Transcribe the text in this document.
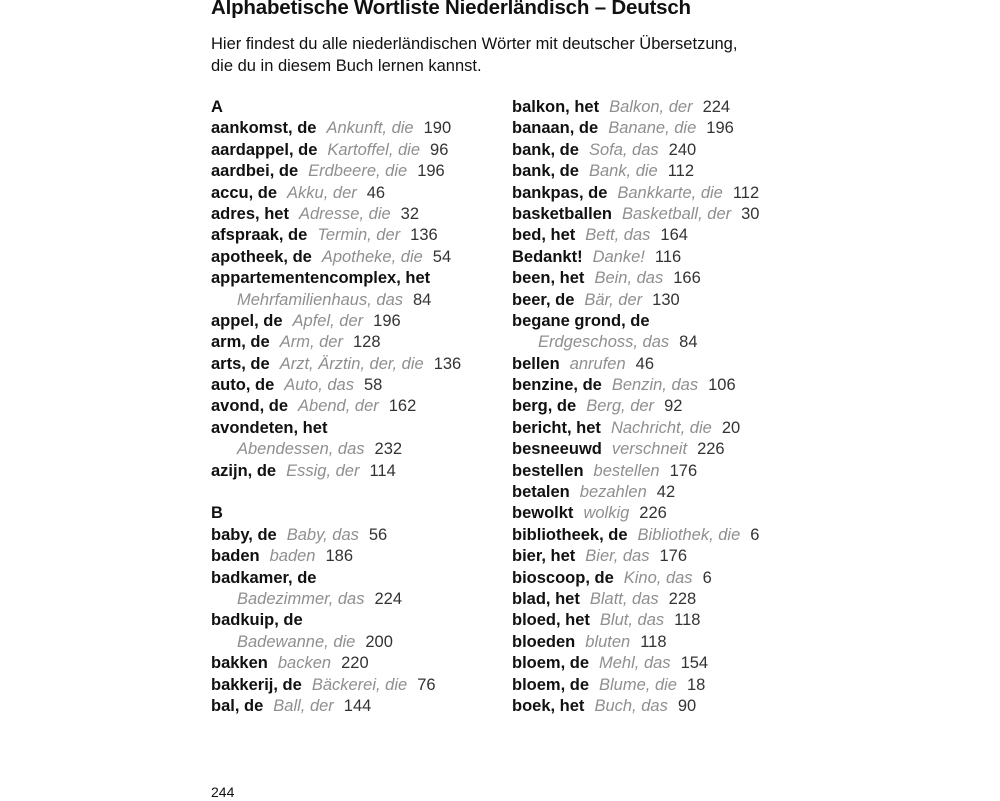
Alphabetische Wortliste Niederländisch – Deutsch
Hier findest du alle niederländischen Wörter mit deutscher Übersetzung,
die du in diesem Buch lernen kannst.
A
aankomst, de Ankunft, die 190
aardappel, de Kartoffel, die 96
aardbei, de Erdbeere, die 196
accu, de Akku, der 46
adres, het Adresse, die 32
afspraak, de Termin, der 136
apotheek, de Apotheke, die 54
appartementencomplex, het
Mehrfamilienhaus, das 84
appel, de Apfel, der 196
arm, de Arm, der 128
arts, de Arzt, Ärztin, der, die 136
auto, de Auto, das 58
avond, de Abend, der 162
avondeten, het
Abendessen, das 232
azijn, de Essig, der 114
B
baby, de Baby, das 56
baden baden 186
badkamer, de
Badezimmer, das 224
badkuip, de
Badewanne, die 200
bakken backen 220
bakkerij, de Bäckerei, die 76
bal, de Ball, der 144
balkon, het Balkon, der 224
banaan, de Banane, die 196
bank, de Sofa, das 240
bank, de Bank, die 112
bankpas, de Bankkarte, die 112
basketballen Basketball, der 30
bed, het Bett, das 164
Bedankt! Danke! 116
been, het Bein, das 166
beer, de Bär, der 130
begane grond, de
Erdgeschoss, das 84
bellen anrufen 46
benzine, de Benzin, das 106
berg, de Berg, der 92
bericht, het Nachricht, die 20
besneeuwd verschneit 226
bestellen bestellen 176
betalen bezahlen 42
bewolkt wolkig 226
bibliotheek, de Bibliothek, die 6
bier, het Bier, das 176
bioscoop, de Kino, das 6
blad, het Blatt, das 228
bloed, het Blut, das 118
bloeden bluten 118
bloem, de Mehl, das 154
bloem, de Blume, die 18
boek, het Buch, das 90
244
